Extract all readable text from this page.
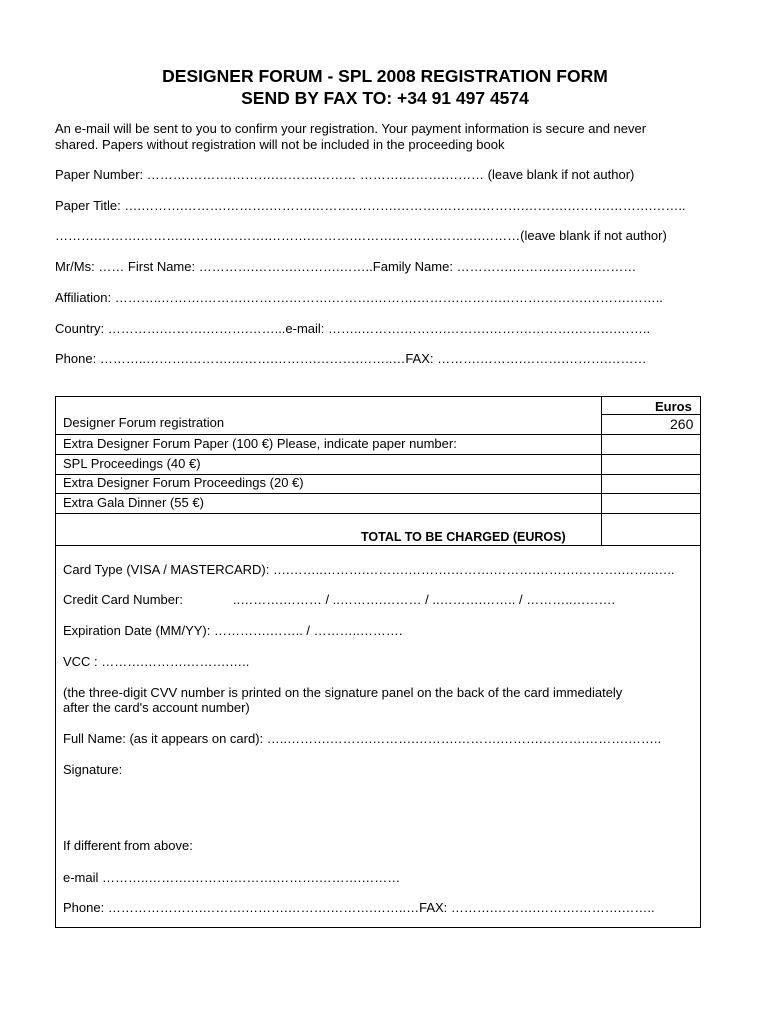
DESIGNER FORUM - SPL 2008 REGISTRATION FORM
SEND BY FAX TO: +34 91 497 4574
An e-mail will be sent to you to confirm your registration. Your payment information is secure and never
shared. Papers without registration will not be included in the proceeding book
Paper Number: ……….……….……….……….……… ……….……….……… (leave blank if not author)
Paper Title: ….……….……….……….……….……….……….……….……….……….……….……….……….……..
……….……….……….……….……….……….……….……….……….……….………(leave blank if not author)
Mr/Ms: …… First Name: ………….……….……….……..Family Name: ………….……….……….………
Affiliation: ………..……….……….……….……….……….……….……….……….……….……….……….……..
Country: ………….……….……….……...e-mail: ……..……….……….……….……….……….……….……..
Phone: ………..……….……….……….……….……….……..…FAX: ……….……….……….……….………
Euros
260
Designer Forum registration
Extra Designer Forum Paper (100 €) Please, indicate paper number:
SPL Proceedings (40 €)
Extra Designer Forum Proceedings (20 €)
Extra Gala Dinner (55 €)
TOTAL TO BE CHARGED (EUROS)
Card Type (VISA / MASTERCARD): ….……..……….……….……….……….……….……….……….……..…..
Credit Card Number:	..……….……… / ..……….……… / ..……….…….. / ………..……….
Expiration Date (MM/YY): ………….…….. / ………..……….
VCC : ……….……….……….…..
(the three-digit CVV number is printed on the signature panel on the back of the card immediately
after the card's account number)
Full Name: (as it appears on card): …..……….……….……….……….……….……….……….……….……..
Signature:
If different from above:
e-mail ………..……….……….……….……….……….………
Phone: ………………….……….……….……….……….……..…FAX: ……….……….……….……….……..
